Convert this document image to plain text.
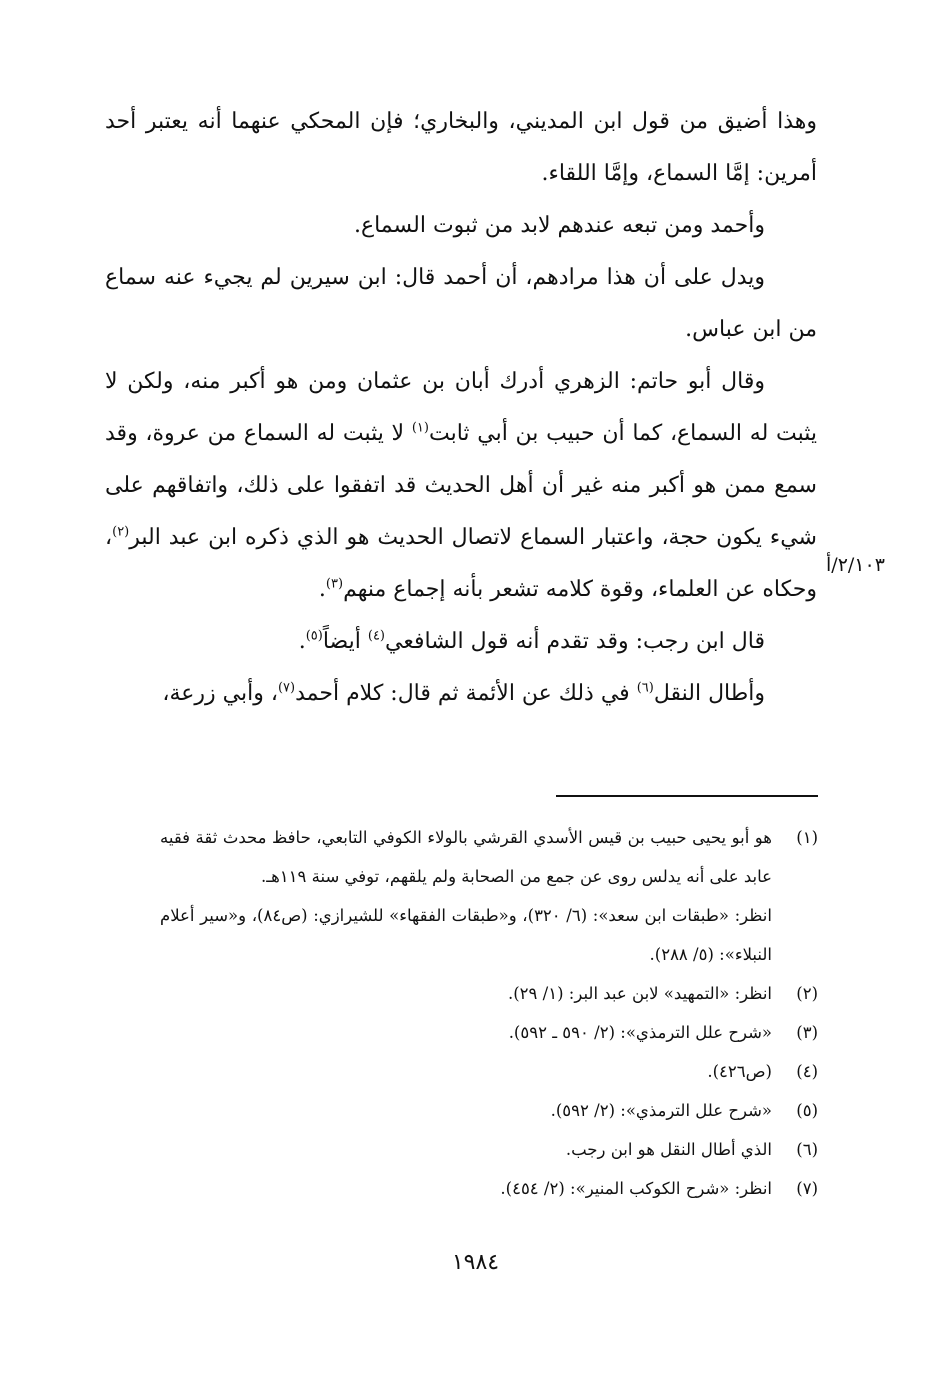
وهذا أضيق من قول ابن المديني، والبخاري؛ فإن المحكي عنهما أنه يعتبر أحد أمرين: إمَّا السماع، وإمَّا اللقاء.

وأحمد ومن تبعه عندهم لابد من ثبوت السماع.

ويدل على أن هذا مرادهم، أن أحمد قال: ابن سيرين لم يجيء عنه سماع من ابن عباس.

وقال أبو حاتم: الزهري أدرك أبان بن عثمان ومن هو أكبر منه، ولكن لا يثبت له السماع، كما أن حبيب بن أبي ثابت$^{(١)}$ لا يثبت له السماع من عروة، وقد سمع ممن هو أكبر منه غير أن أهل الحديث قد اتفقوا على ذلك، واتفاقهم على شيء يكون حجة، واعتبار السماع لاتصال الحديث هو الذي ذكره ابن عبد البر$^{(٢)}$، وحكاه عن العلماء، وقوة كلامه تشعر بأنه إجماع منهم$^{(٣)}$.

قال ابن رجب: وقد تقدم أنه قول الشافعي$^{(٤)}$ أيضاً$^{(٥)}$.

وأطال النقل$^{(٦)}$ في ذلك عن الأئمة ثم قال: كلام أحمد$^{(٧)}$، وأبي زرعة،

٢/١٠٣/أ
(١)
هو أبو يحيى حبيب بن قيس الأسدي القرشي بالولاء الكوفي التابعي، حافظ محدث ثقة فقيه عابد على أنه يدلس روى عن جمع من الصحابة ولم يلقهم، توفي سنة ١١٩هـ.
انظر: «طبقات ابن سعد»: (٦/ ٣٢٠)، و«طبقات الفقهاء» للشيرازي: (ص٨٤)، و«سير أعلام النبلاء»: (٥/ ٢٨٨).
(٢)
انظر: «التمهيد» لابن عبد البر: (١/ ٢٩).
(٣)
«شرح علل الترمذي»: (٢/ ٥٩٠ ـ ٥٩٢).
(٤)
(ص٤٢٦).
(٥)
«شرح علل الترمذي»: (٢/ ٥٩٢).
(٦)
الذي أطال النقل هو ابن رجب.
(٧)
انظر: «شرح الكوكب المنير»: (٢/ ٤٥٤).
١٩٨٤
